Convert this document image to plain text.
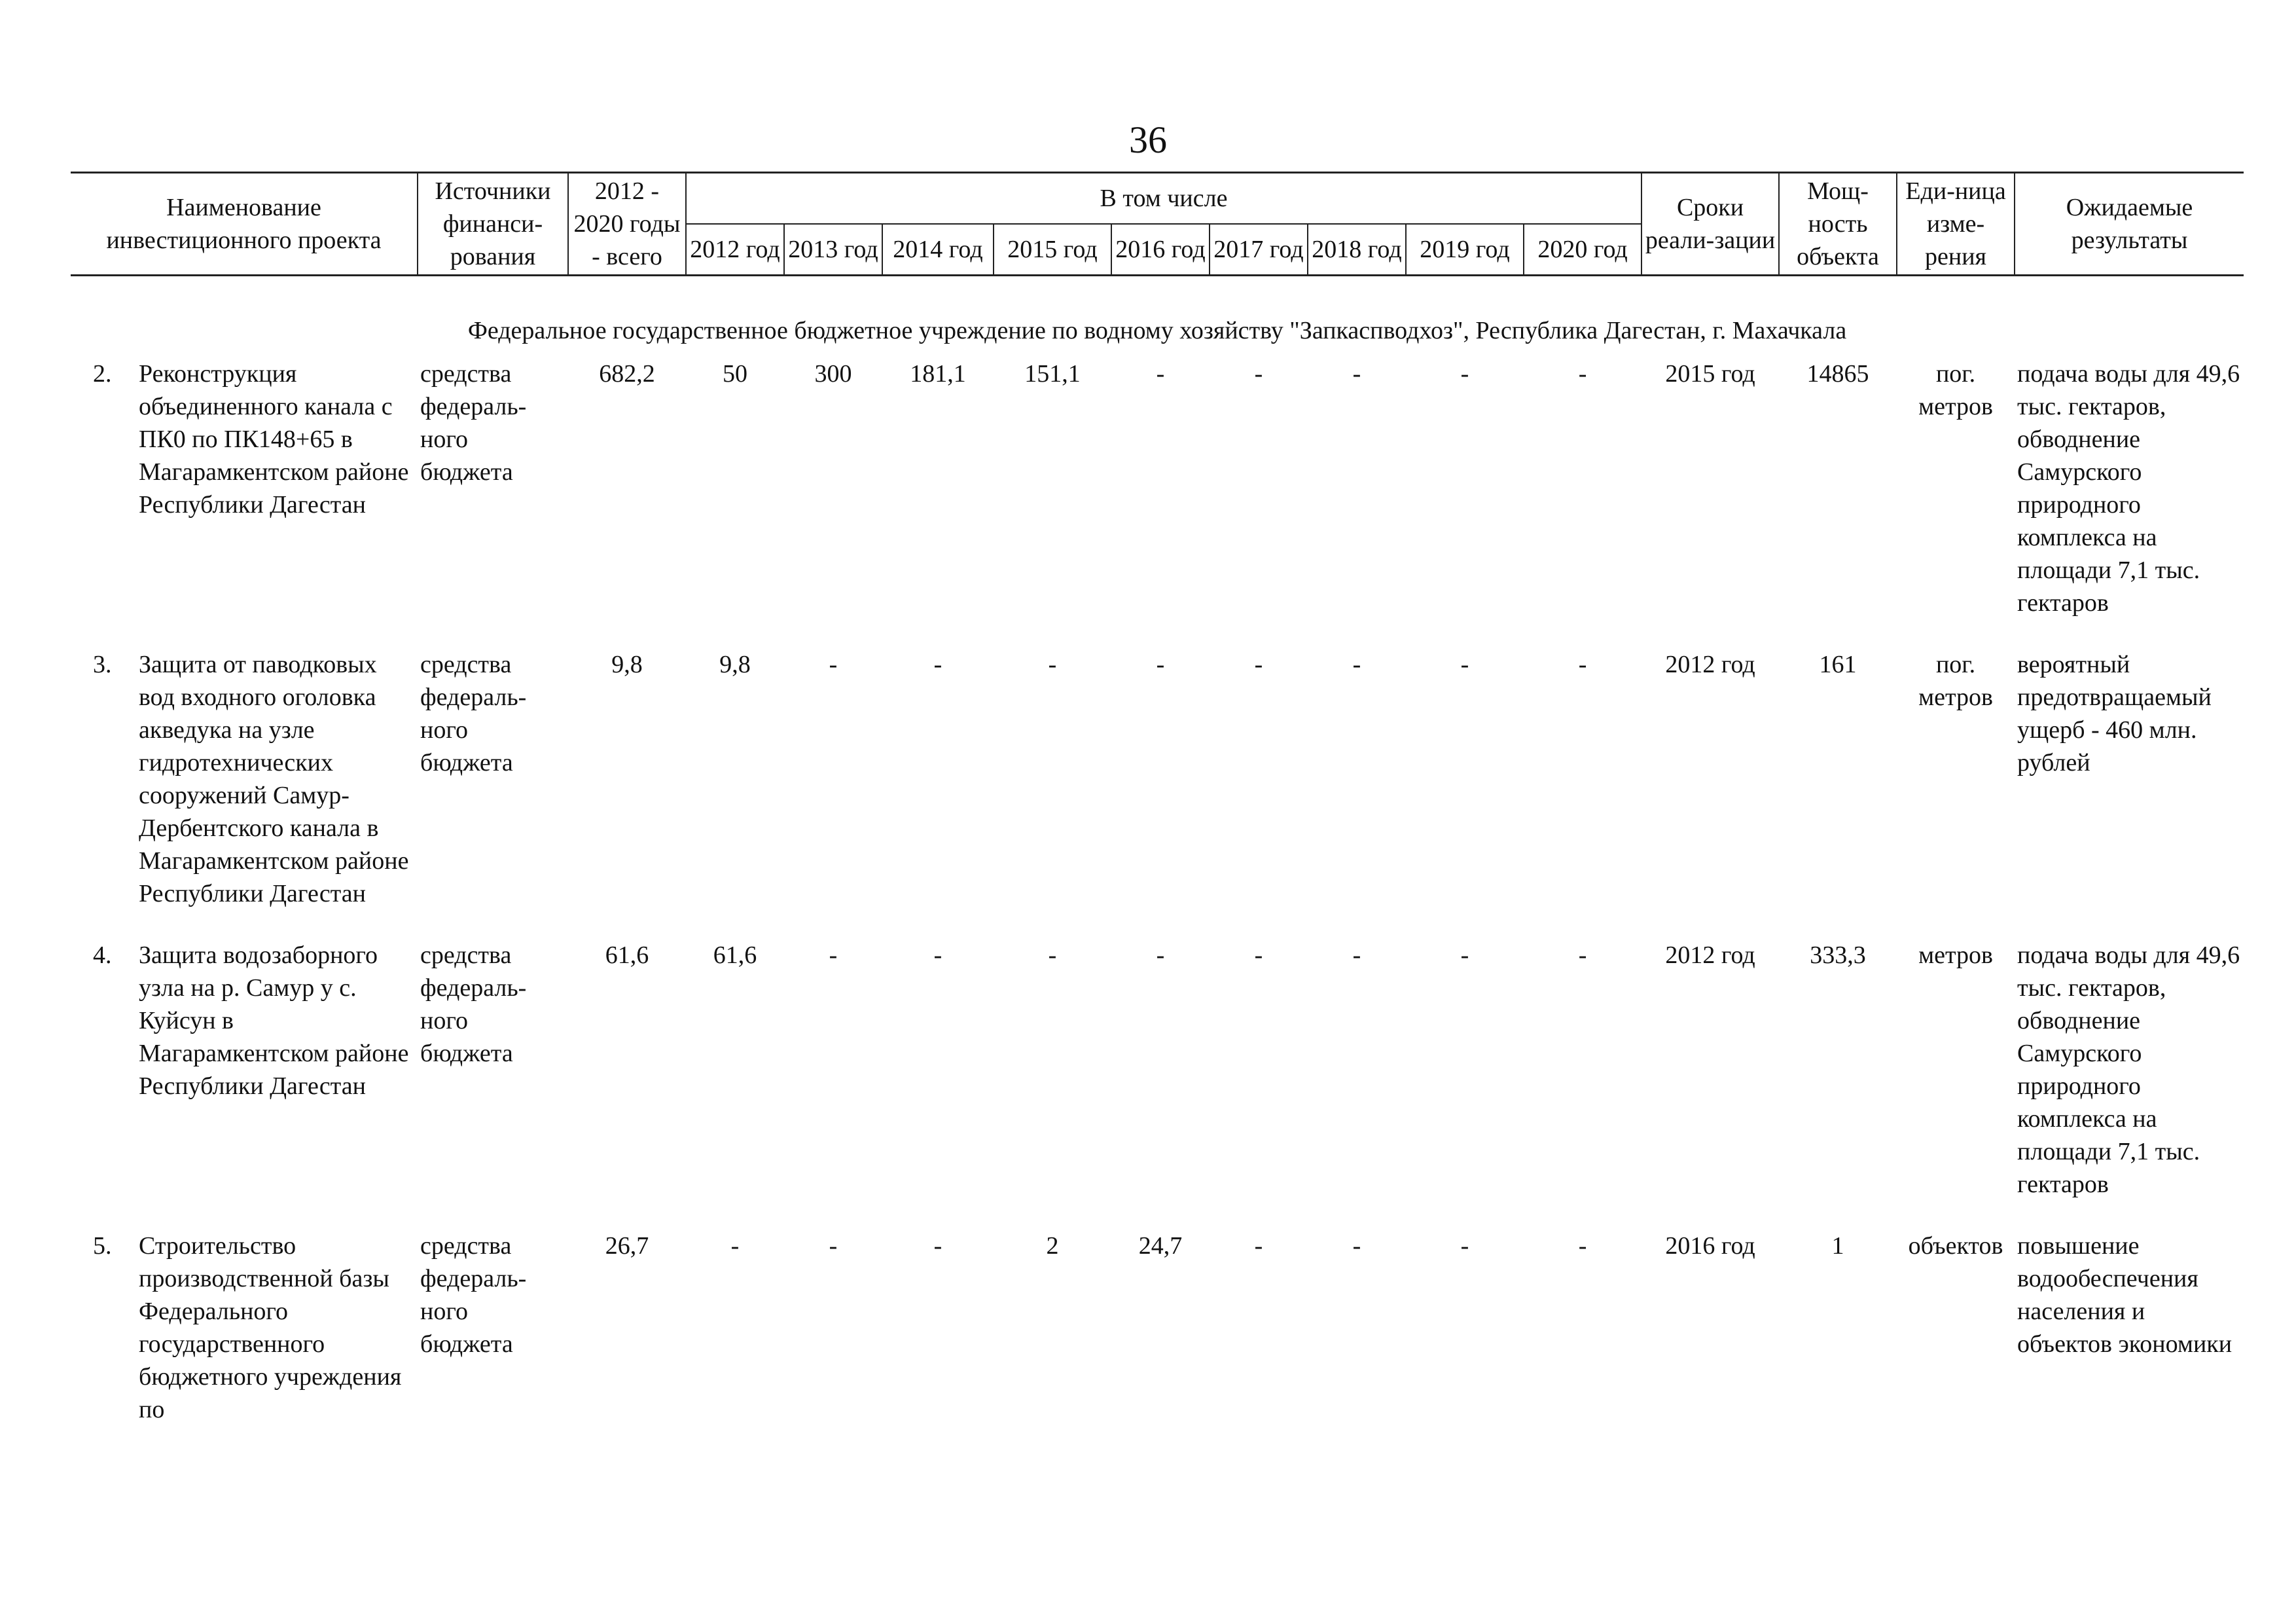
36
Наименование инвестиционного проекта	Источники финанси-рования	2012 - 2020 годы - всего	В том числе									Сроки реали-зации	Мощ-ность объекта	Еди-ница изме-рения	Ожидаемые результаты
			2012 год	2013 год	2014 год	2015 год	2016 год	2017 год	2018 год	2019 год	2020 год				
Федеральное государственное бюджетное учреждение по водному хозяйству "Запкаспводхоз", Республика Дагестан, г. Махачкала															

2. Реконструкция объединенного канала с ПК0 по ПК148+65 в Магарамкентском районе Республики Дагестан	средства федераль-ного бюджета	682,2	50	300	181,1	151,1	-	-	-	-	-	2015 год	14865	пог. метров	подача воды для 49,6 тыс. гектаров, обводнение Самурского природного комплекса на площади 7,1 тыс. гектаров

3. Защита от паводковых вод входного оголовка акведука на узле гидротехнических сооружений Самур-Дербентского канала в Магарамкентском районе Республики Дагестан	средства федераль-ного бюджета	9,8	9,8	-	-	-	-	-	-	-	-	2012 год	161	пог. метров	вероятный предотвращаемый ущерб - 460 млн. рублей

4. Защита водозаборного узла на р. Самур у с. Куйсун в Магарамкентском районе Республики Дагестан	средства федераль-ного бюджета	61,6	61,6	-	-	-	-	-	-	-	-	2012 год	333,3	метров	подача воды для 49,6 тыс. гектаров, обводнение Самурского природного комплекса на площади 7,1 тыс. гектаров

5. Строительство производственной базы Федерального государственного бюджетного учреждения по	средства федераль-ного бюджета	26,7	-	-	-	2	24,7	-	-	-	-	2016 год	1	объектов	повышение водообеспечения населения и объектов экономики
